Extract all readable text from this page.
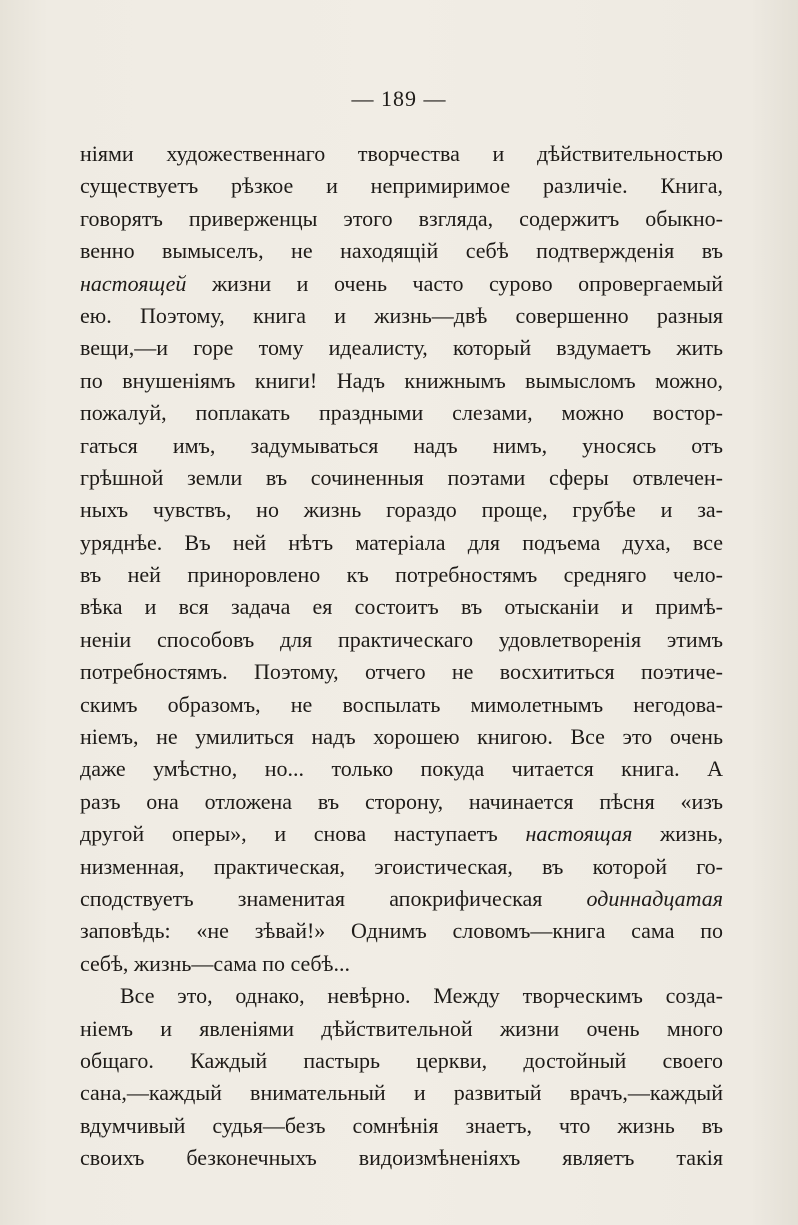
— 189 —
ніями художественнаго творчества и дѣйствительностью
существуетъ рѣзкое и непримиримое различіе. Книга,
говорятъ приверженцы этого взгляда, содержитъ обыкно-
венно вымыселъ, не находящій себѣ подтвержденія въ
настоящей жизни и очень часто сурово опровергаемый
ею. Поэтому, книга и жизнь—двѣ совершенно разныя
вещи,—и горе тому идеалисту, который вздумаетъ жить
по внушеніямъ книги! Надъ книжнымъ вымысломъ можно,
пожалуй, поплакать праздными слезами, можно востор-
гаться имъ, задумываться надъ нимъ, уносясь отъ
грѣшной земли въ сочиненныя поэтами сферы отвлечен-
ныхъ чувствъ, но жизнь гораздо проще, грубѣе и за-
уряднѣе. Въ ней нѣтъ матеріала для подъема духа, все
въ ней приноровлено къ потребностямъ средняго чело-
вѣка и вся задача ея состоитъ въ отысканіи и примѣ-
неніи способовъ для практическаго удовлетворенія этимъ
потребностямъ. Поэтому, отчего не восхититься поэтиче-
скимъ образомъ, не воспылать мимолетнымъ негодова-
ніемъ, не умилиться надъ хорошею книгою. Все это очень
даже умѣстно, но... только покуда читается книга. А
разъ она отложена въ сторону, начинается пѣсня «изъ
другой оперы», и снова наступаетъ настоящая жизнь,
низменная, практическая, эгоистическая, въ которой го-
сподствуетъ знаменитая апокрифическая одиннадцатая
заповѣдь: «не зѣвай!» Однимъ словомъ—книга сама по
себѣ, жизнь—сама по себѣ...
Все это, однако, невѣрно. Между творческимъ созда-
ніемъ и явленіями дѣйствительной жизни очень много
общаго. Каждый пастырь церкви, достойный своего
сана,—каждый внимательный и развитый врачъ,—каждый
вдумчивый судья—безъ сомнѣнія знаетъ, что жизнь въ
своихъ безконечныхъ видоизмѣненіяхъ являетъ такія
